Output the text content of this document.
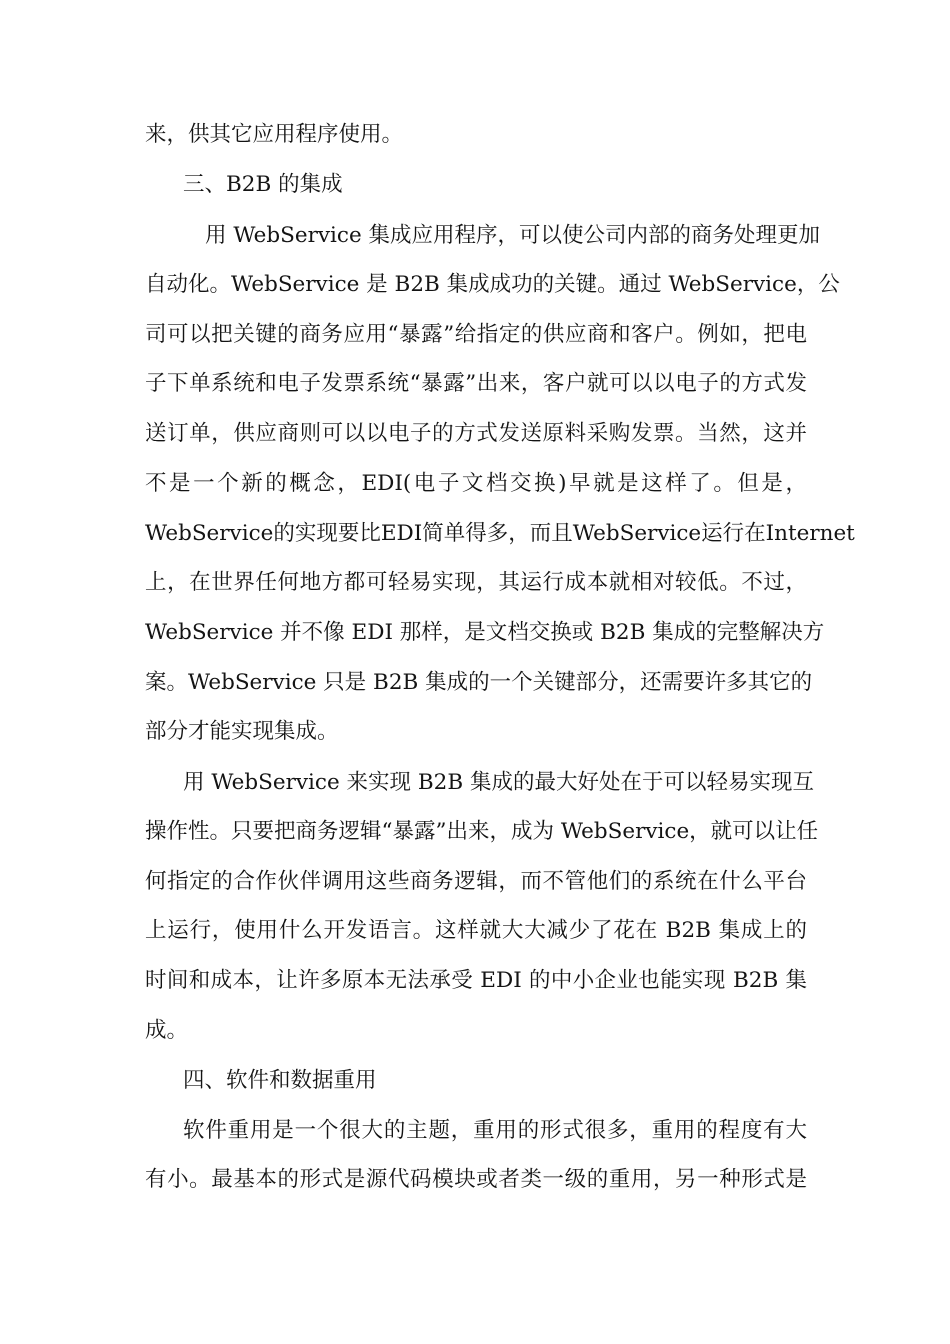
来，供其它应用程序使用。
三、B2B 的集成
用 WebService 集成应用程序，可以使公司内部的商务处理更加
自动化。WebService 是 B2B 集成成功的关键。通过 WebService，公
司可以把关键的商务应用“暴露”给指定的供应商和客户。例如，把电
子下单系统和电子发票系统“暴露”出来，客户就可以以电子的方式发
送订单，供应商则可以以电子的方式发送原料采购发票。当然，这并
不是一个新的概念，EDI(电子文档交换)早就是这样了。但是，
WebService的实现要比EDI简单得多，而且WebService运行在Internet
上，在世界任何地方都可轻易实现，其运行成本就相对较低。不过，
WebService 并不像 EDI 那样，是文档交换或 B2B 集成的完整解决方
案。WebService 只是 B2B 集成的一个关键部分，还需要许多其它的
部分才能实现集成。
用 WebService 来实现 B2B 集成的最大好处在于可以轻易实现互
操作性。只要把商务逻辑“暴露”出来，成为 WebService，就可以让任
何指定的合作伙伴调用这些商务逻辑，而不管他们的系统在什么平台
上运行，使用什么开发语言。这样就大大减少了花在 B2B 集成上的
时间和成本，让许多原本无法承受 EDI 的中小企业也能实现 B2B 集
成。
四、软件和数据重用
软件重用是一个很大的主题，重用的形式很多，重用的程度有大
有小。最基本的形式是源代码模块或者类一级的重用，另一种形式是
